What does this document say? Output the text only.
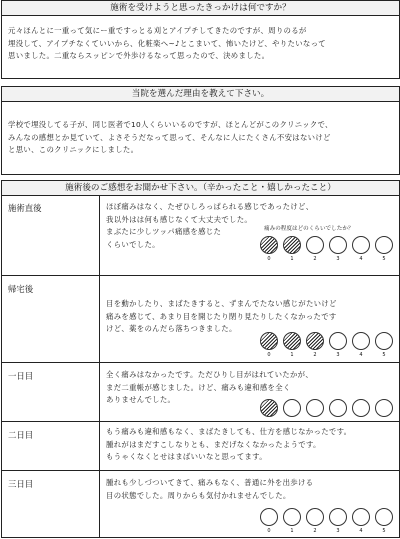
施術を受けようと思ったきっかけは何ですか？
元々ほんとに一重って気にー重ですっとる刈とアイプチしてきたのですが、周りのるが
埋没して、アイプチなくていいから、化粧楽へ~♪とこまいて、怖いたけど、やりたいなって
思いました。二重ならスッピンで外歩けるなって思ったので、決めました。
当院を選んだ理由を教えて下さい。
学校で埋没してる子が、同じ医者で10人くらいいるのですが、ほとんどがこのクリニックで、
みんなの感想とか見ていて、よさそうだなって思って、そんなに人にたくさん不安はないけど
と思い、このクリニックにしました。
施術後のご感想をお聞かせ下さい。（辛かったこと・嬉しかったこと）
施術直後	ほぼ痛みはなく、たぜひしろっぱられる感じであったけど、
我以外はは何も感じなくて大丈夫でした。
まぶたに少しツッパ痛感を感じた
くらいでした。
痛みの程度はどのくらいでしたか？
0	1	2	3	4	5
帰宅後
目を動かしたり、まばたきすると、ずまんでたない感じがたいけど
痛みを感じて、あまり目を開じたり閉り見たりしたくなかったです
けど、薬をのんだら落ちつきました。
0	1	2	3	4	5
一日目	全く痛みはなかったです。ただひりし目がはれていたかが、
まだ二重帳が感じました。けど、痛みも違和感を全く
ありませんでした。
二日目	もう痛みも違和感もなく、まばたきしても、仕方を感じなかったです。
腫れがはまだすこしなりとも、まだげなくなかったようです。
もうゃくなくとせはまばいいなと思ってます。
三日目	腫れも少しづついてきて、痛みもなく、普通に外を出歩ける
目の状態でした。周りからも気付かれませんでした。
0	1	2	3	4	5
